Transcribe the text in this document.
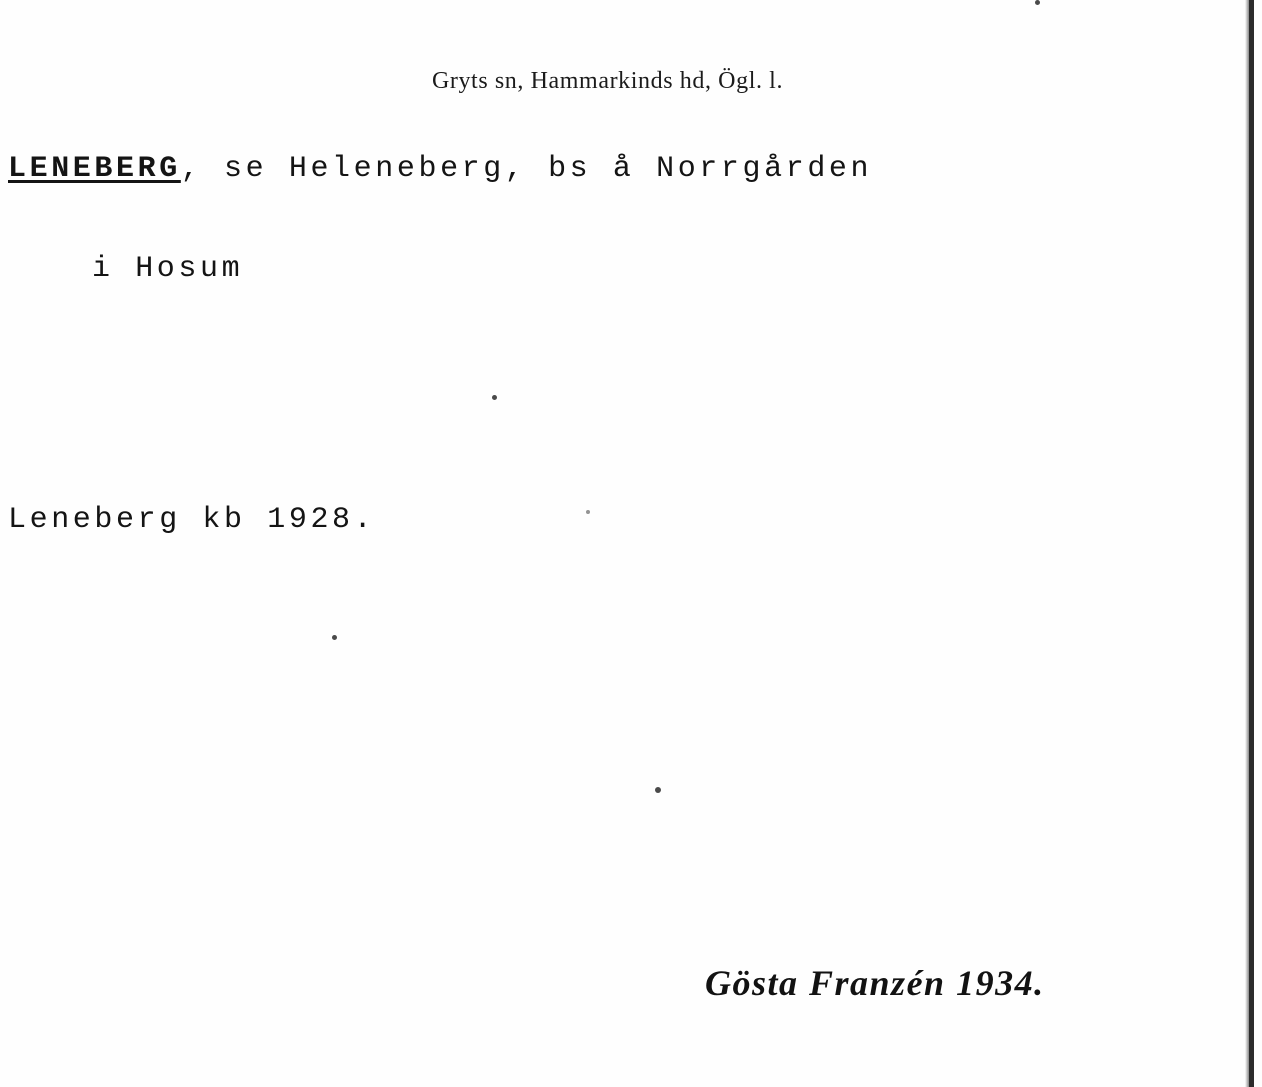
Gryts sn, Hammarkinds hd, Ögl. l.
LENEBERG, se Heleneberg, bs å Norrgården
i Hosum
Leneberg kb 1928.
Gösta Franzén 1934.
